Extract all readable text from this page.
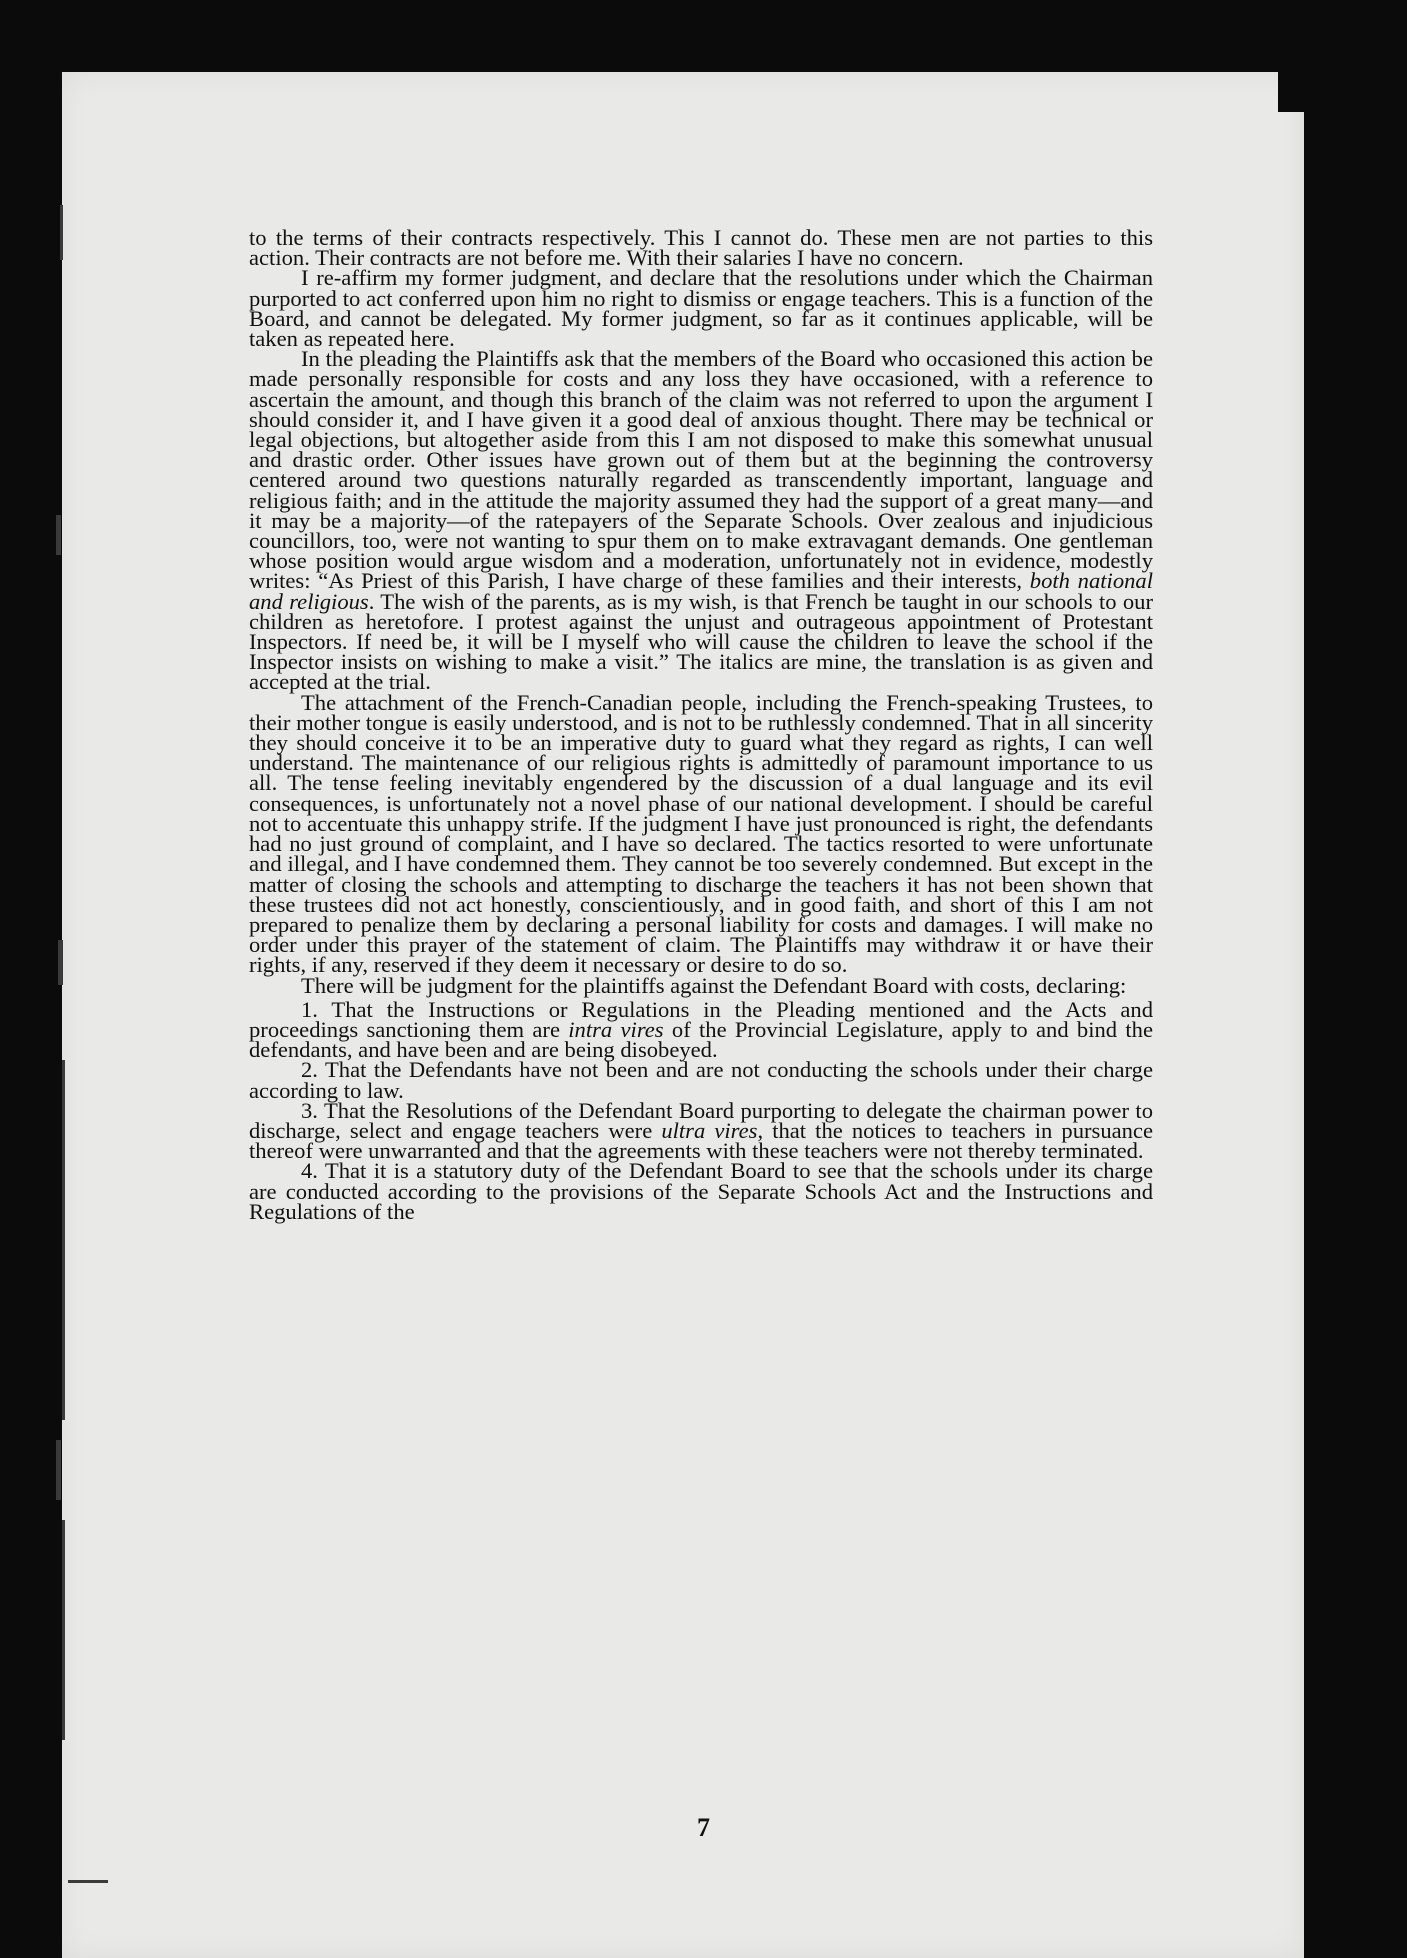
to the terms of their contracts respectively. This I cannot do. These men are not parties to this action. Their contracts are not before me. With their salaries I have no concern.

I re-affirm my former judgment, and declare that the resolutions under which the Chairman purported to act conferred upon him no right to dismiss or engage teachers. This is a function of the Board, and cannot be delegated. My former judgment, so far as it continues applicable, will be taken as repeated here.

In the pleading the Plaintiffs ask that the members of the Board who occasioned this action be made personally responsible for costs and any loss they have occasioned, with a reference to ascertain the amount, and though this branch of the claim was not referred to upon the argument I should consider it, and I have given it a good deal of anxious thought. There may be technical or legal objections, but altogether aside from this I am not disposed to make this somewhat unusual and drastic order. Other issues have grown out of them but at the beginning the controversy centered around two questions naturally regarded as transcendently important, language and religious faith; and in the attitude the majority assumed they had the support of a great many—and it may be a majority—of the ratepayers of the Separate Schools. Over zealous and injudicious councillors, too, were not wanting to spur them on to make extravagant demands. One gentleman whose position would argue wisdom and a moderation, unfortunately not in evidence, modestly writes: “As Priest of this Parish, I have charge of these families and their interests, both national and religious. The wish of the parents, as is my wish, is that French be taught in our schools to our children as heretofore. I protest against the unjust and outrageous appointment of Protestant Inspectors. If need be, it will be I myself who will cause the children to leave the school if the Inspector insists on wishing to make a visit.” The italics are mine, the translation is as given and accepted at the trial.

The attachment of the French-Canadian people, including the French-speaking Trustees, to their mother tongue is easily understood, and is not to be ruthlessly condemned. That in all sincerity they should conceive it to be an imperative duty to guard what they regard as rights, I can well understand. The maintenance of our religious rights is admittedly of paramount importance to us all. The tense feeling inevitably engendered by the discussion of a dual language and its evil consequences, is unfortunately not a novel phase of our national development. I should be careful not to accentuate this unhappy strife. If the judgment I have just pronounced is right, the defendants had no just ground of complaint, and I have so declared. The tactics resorted to were unfortunate and illegal, and I have condemned them. They cannot be too severely condemned. But except in the matter of closing the schools and attempting to discharge the teachers it has not been shown that these trustees did not act honestly, conscientiously, and in good faith, and short of this I am not prepared to penalize them by declaring a personal liability for costs and damages. I will make no order under this prayer of the statement of claim. The Plaintiffs may withdraw it or have their rights, if any, reserved if they deem it necessary or desire to do so.

There will be judgment for the plaintiffs against the Defendant Board with costs, declaring:

1. That the Instructions or Regulations in the Pleading mentioned and the Acts and proceedings sanctioning them are intra vires of the Provincial Legislature, apply to and bind the defendants, and have been and are being disobeyed.

2. That the Defendants have not been and are not conducting the schools under their charge according to law.

3. That the Resolutions of the Defendant Board purporting to delegate the chairman power to discharge, select and engage teachers were ultra vires, that the notices to teachers in pursuance thereof were unwarranted and that the agreements with these teachers were not thereby terminated.

4. That it is a statutory duty of the Defendant Board to see that the schools under its charge are conducted according to the provisions of the Separate Schools Act and the Instructions and Regulations of the

7
